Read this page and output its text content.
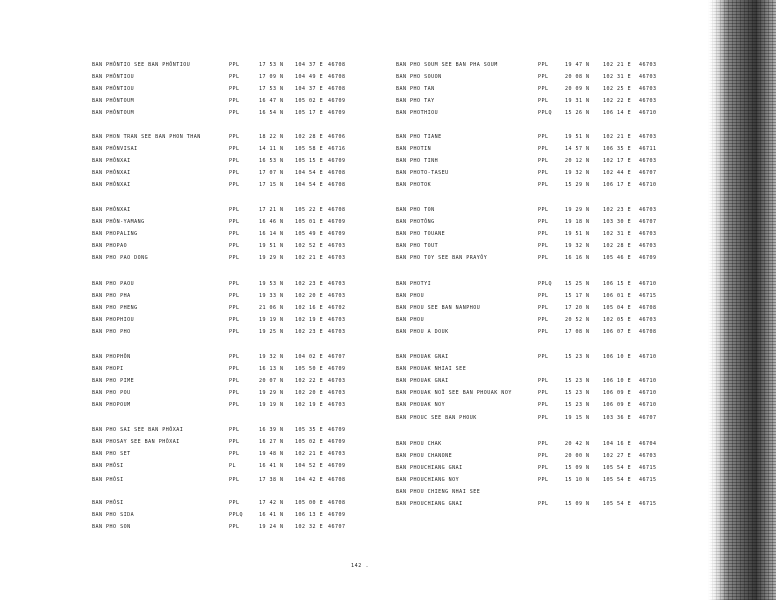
BAN PHÔNTIO SEE BAN PHÔNTIOU	PPL	17 53 N 104 37 E 46708
BAN PHÔNTIOU	PPL	17 09 N 104 49 E 46708
BAN PHÔNTIOU	PPL	17 53 N 104 37 E 46708
BAN PHÔNTOUM	PPL	16 47 N 105 02 E 46709
BAN PHÔNTOUM	PPL	16 54 N 105 17 E 46709
BAN PHON TRAN SEE BAN PHON THAN	PPL	18 22 N 102 28 E 46706
BAN PHÔNVISAI	PPL	14 11 N 105 58 E 46716
BAN PHÔNXAI	PPL	16 53 N 105 15 E 46709
BAN PHÔNXAI	PPL	17 07 N 104 54 E 46708
BAN PHÔNXAI	PPL	17 15 N 104 54 E 46708
BAN PHÔNXAI	PPL	17 21 N 105 22 E 46708
BAN PHÔN-YAMANG	PPL	16 46 N 105 01 E 46709
BAN PHOPALING	PPL	16 14 N 105 49 E 46709
BAN PHOPAO	PPL	19 51 N 102 52 E 46703
BAN PHO PAO DONG	PPL	19 29 N 102 21 E 46703
BAN PHO PAOU	PPL	19 53 N 102 23 E 46703
BAN PHO PHA	PPL	19 33 N 102 20 E 46703
BAN PHO PHENG	PPL	21 06 N 102 16 E 46702
BAN PHOPHIOU	PPL	19 19 N 102 19 E 46703
BAN PHO PHO	PPL	19 25 N 102 23 E 46703
BAN PHOPHÔN	PPL	19 32 N 104 02 E 46707
BAN PHOPI	PPL	16 13 N 105 50 E 46709
BAN PHO PIME	PPL	20 07 N 102 22 E 46703
BAN PHO POU	PPL	19 29 N 102 20 E 46703
BAN PHOPOUM	PPL	19 19 N 102 19 E 46703
BAN PHO SAI SEE BAN PHÔXAI	PPL	16 39 N 105 35 E 46709
BAN PHOSAY SEE BAN PHÔXAI	PPL	16 27 N 105 02 E 46709
BAN PHO SET	PPL	19 48 N 102 21 E 46703
BAN PHÔSI	PL	16 41 N 104 52 E 46709
BAN PHÔSI	PPL	17 38 N 104 42 E 46708
BAN PHÔSI	PPL	17 42 N 105 00 E 46708
BAN PHO SIDA	PPLQ	16 41 N 106 13 E 46709
BAN PHO SON	PPL	19 24 N 102 32 E 46707
BAN PHO SOUM SEE BAN PHA SOUM	PPL	19 47 N	102 21 E 46703
BAN PHO SOUON	PPL	20 08 N	102 31 E 46703
BAN PHO TAN	PPL	20 09 N	102 25 E 46703
BAN PHO TAY	PPL	19 31 N	102 22 E 46703
BAN PHOTHIOU	PPLQ	15 26 N	106 14 E 46710
BAN PHO TIANE	PPL	19 51 N	102 21 E 46703
BAN PHOTIN	PPL	14 57 N	106 35 E 46711
BAN PHO TINH	PPL	20 12 N	102 17 E 46703
BAN PHOTO-TASEU	PPL	19 32 N	102 44 E 46707
BAN PHOTOK	PPL	15 29 N	106 17 E 46710
BAN PHO TON	PPL	19 29 N	102 23 E 46703
BAN PHOTÔNG	PPL	19 18 N	103 30 E 46707
BAN PHO TOUANE	PPL	19 51 N	102 31 E 46703
BAN PHO TOUT	PPL	19 32 N	102 28 E 46703
BAN PHO TOY SEE BAN PRAYÔY	PPL	16 16 N	105 46 E 46709
BAN PHOTYI	PPLQ	15 25 N	106 15 E 46710
BAN PHOU	PPL	15 17 N	106 01 E 46715
BAN PHOU SEE BAN NANPHOU	PPL	17 20 N	105 04 E 46708
BAN PHOU	PPL	20 52 N	102 05 E 46703
BAN PHOU A DOUK	PPL	17 08 N	106 07 E 46708
BAN PHOUAK GNAI	PPL	15 23 N	106 10 E 46710
BAN PHOUAK NHIAI SEE
BAN PHOUAK GNAI	PPL	15 23 N	106 10 E 46710
BAN PHOUAK NOÏ SEE BAN PHOUAK NOY	PPL	15 23 N	106 09 E 46710
BAN PHOUAK NOY	PPL	15 23 N	106 09 E 46710
BAN PHOUC SEE BAN PHOUK	PPL	19 15 N	103 36 E 46707
BAN PHOU CHAK	PPL	20 42 N	104 16 E 46704
BAN PHOU CHANONE	PPL	20 00 N	102 27 E 46703
BAN PHOUCHIANG GNAI	PPL	15 09 N	105 54 E 46715
BAN PHOUCHIANG NOY	PPL	15 10 N	105 54 E 46715
BAN PHOU CHIENG NHAI SEE
BAN PHOUCHIANG GNAI	PPL	15 09 N	105 54 E 46715
142 .
